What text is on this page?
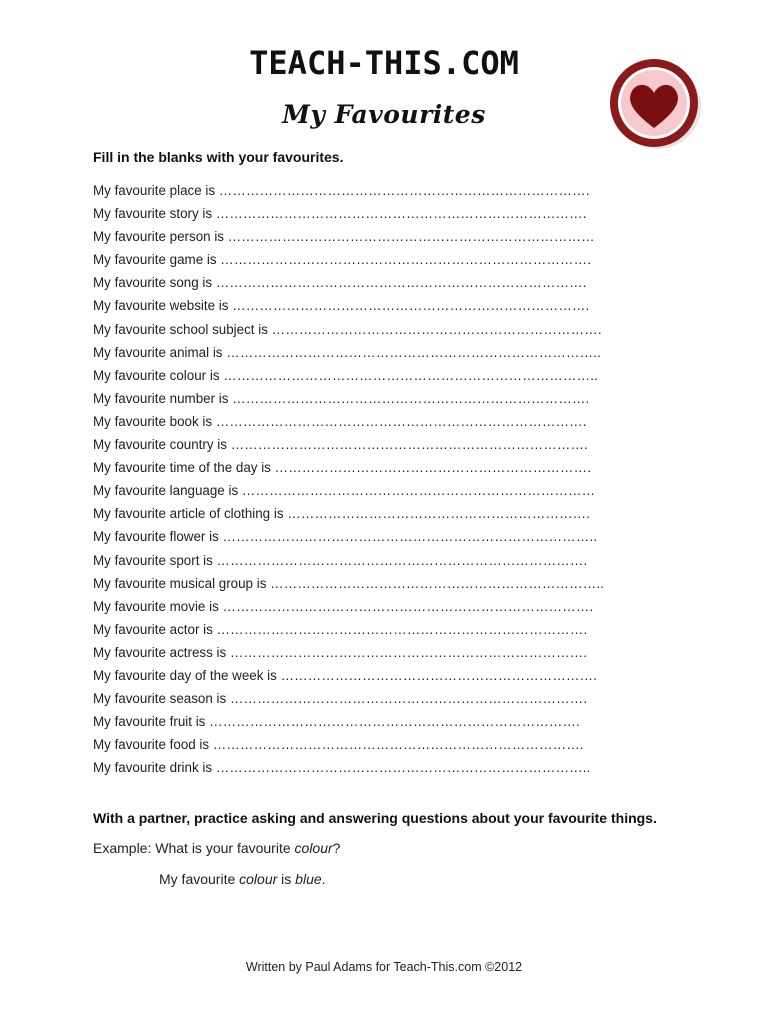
TEACH-THIS.COM
My Favourites
Fill in the blanks with your favourites.
My favourite place is ……………………………………………………………………….
My favourite story is ……………………………………………………………………….
My favourite person is ………………………………………………………………………
My favourite game is ……………………………………………………………………….
My favourite song is ……………………………………………………………………….
My favourite website is …………………………………………………………………….
My favourite school subject is ……………………………………………………………….
My favourite animal is ………………………………………………………………………..
My favourite colour is ………………………………………………………………………..
My favourite number is …………………………………………………………………….
My favourite book is ……………………………………………………………………….
My favourite country is …………………………………………………………………….
My favourite time of the day is …………………………………………………………….
My favourite language is ……………………………………………………………………
My favourite article of clothing is ………………………………………………………….
My favourite flower is ………………………………………………………………………..
My favourite sport is ……………………………………………………………………….
My favourite musical group is ………………………………………………………………..
My favourite movie is ……………………………………………………………………….
My favourite actor is ……………………………………………………………………….
My favourite actress is …………………………………………………………………….
My favourite day of the week is …………………………………………………………….
My favourite season is …………………………………………………………………….
My favourite fruit is ……………………………………………………………………….
My favourite food is ……………………………………………………………………….
My favourite drink is ………………………………………………………………………..
With a partner, practice asking and answering questions about your favourite things.
Example: What is your favourite colour?
My favourite colour is blue.
Written by Paul Adams for Teach-This.com ©2012
